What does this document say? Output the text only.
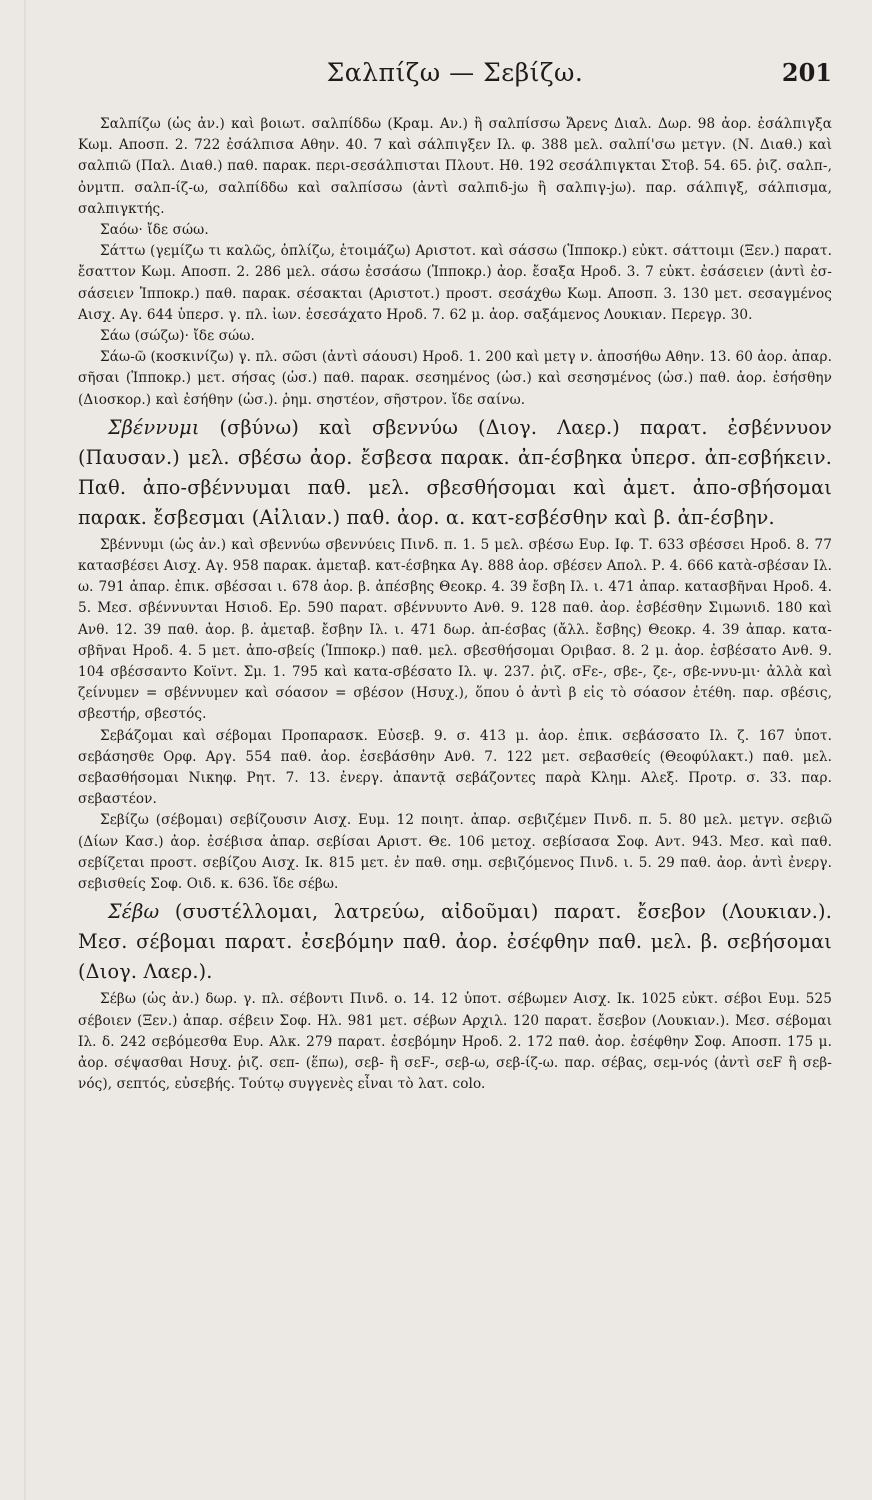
Σαλπίζω — Σεβίζω.	201

Σαλπίζω (ὡς ἀν.) καὶ βοιωτ. σαλπίδδω (Κραμ. Αν.) ἢ σαλπίσσω Ἄρενς Διαλ. Δωρ. 98 ἀορ. ἐσάλπιγξα Κωμ. Αποσπ. 2. 722 ἐσάλπισα Αθην. 40. 7 καὶ σάλπιγξεν Ιλ. φ. 388 μελ. σαλπί'σω μετγν. (Ν. Διαθ.) καὶ σαλπιῶ (Παλ. Διαθ.) παθ. παρακ. περι-σεσάλπισται Πλουτ. Ηθ. 192 σεσάλπιγκται Στοβ. 54. 65. ῥιζ. σαλπ-, ὀνμτπ. σαλπ-ίζ-ω, σαλπίδδω καὶ σαλπίσσω (ἀντὶ σαλπιδ-jω ἢ σαλπιγ-jω). παρ. σάλπιγξ, σάλπισμα, σαλπιγκτής.

Σαόω· ἴδε σώω.

Σάττω (γεμίζω τι καλῶς, ὁπλίζω, ἑτοιμάζω) Αριστοτ. καὶ σάσσω (Ἱπποκρ.) εὐκτ. σάττοιμι (Ξεν.) παρατ. ἔσαττον Κωμ. Αποσπ. 2. 286 μελ. σάσω ἐσσάσω (Ἱπποκρ.) ἀορ. ἔσαξα Ηροδ. 3. 7 εὐκτ. ἐσάσειεν (ἀντὶ ἐσ-σάσειεν Ἱπποκρ.) παθ. παρακ. σέσακται (Αριστοτ.) προστ. σεσάχθω Κωμ. Αποσπ. 3. 130 μετ. σεσαγμένος Αισχ. Αγ. 644 ὑπερσ. γ. πλ. ἰων. ἐσεσάχατο Ηροδ. 7. 62 μ. ἀορ. σαξάμενος Λουκιαν. Περεγρ. 30.

Σάω (σώζω)· ἴδε σώω.

Σάω-ῶ (κοσκινίζω) γ. πλ. σῶσι (ἀντὶ σάουσι) Ηροδ. 1. 200 καὶ μετγ ν. ἀποσήθω Αθην. 13. 60 ἀορ. ἀπαρ. σῆσαι (Ἱπποκρ.) μετ. σήσας (ὡσ.) παθ. παρακ. σεσημένος (ὡσ.) καὶ σεσησμένος (ὡσ.) παθ. ἀορ. ἐσήσθην (Διοσκορ.) καὶ ἐσήθην (ὡσ.). ῥημ. σηστέον, σῆστρον. ἴδε σαίνω.

Σβέννυμι (σβύνω) καὶ σβεννύω (Διογ. Λαερ.) παρατ. ἐσβέννυον (Παυσαν.) μελ. σβέσω ἀορ. ἔσβεσα παρακ. ἀπ-έσβηκα ὑπερσ. ἀπ-εσβήκειν. Παθ. ἀπο-σβέννυμαι παθ. μελ. σβεσθήσομαι καὶ ἀμετ. ἀπο-σβήσομαι παρακ. ἔσβεσμαι (Αἰλιαν.) παθ. ἀορ. α. κατ-εσβέσθην καὶ β. ἀπ-έσβην.

Σβέννυμι (ὡς ἀν.) καὶ σβεννύω σβεννύεις Πινδ. π. 1. 5 μελ. σβέσω Ευρ. Ιφ. Τ. 633 σβέσσει Ηροδ. 8. 77 κατασβέσει Αισχ. Αγ. 958 παρακ. ἀμεταβ. κατ-έσβηκα Αγ. 888 ἀορ. σβέσεν Απολ. Ρ. 4. 666 κατὰ-σβέσαν Ιλ. ω. 791 ἀπαρ. ἐπικ. σβέσσαι ι. 678 ἀορ. β. ἀπέσβης Θεοκρ. 4. 39 ἔσβη Ιλ. ι. 471 ἀπαρ. κατασβῆναι Ηροδ. 4. 5. Μεσ. σβέννυνται Ησιοδ. Ερ. 590 παρατ. σβέννυντο Ανθ. 9. 128 παθ. ἀορ. ἐσβέσθην Σιμωνιδ. 180 καὶ Ανθ. 12. 39 παθ. ἀορ. β. ἀμεταβ. ἔσβην Ιλ. ι. 471 δωρ. ἀπ-έσβας (ἄλλ. ἔσβης) Θεοκρ. 4. 39 ἀπαρ. κατα-σβῆναι Ηροδ. 4. 5 μετ. ἀπο-σβείς (Ἱπποκρ.) παθ. μελ. σβεσθήσομαι Οριβασ. 8. 2 μ. ἀορ. ἐσβέσατο Ανθ. 9. 104 σβέσσαντο Κοϊντ. Σμ. 1. 795 καὶ κατα-σβέσατο Ιλ. ψ. 237. ῥιζ. σFε-, σβε-, ζε-, σβε-ννυ-μι· ἀλλὰ καὶ ζείνυμεν = σβέννυμεν καὶ σόασον = σβέσον (Ησυχ.), ὅπου ὁ ἀντὶ β εἰς τὸ σόασον ἐτέθη. παρ. σβέσις, σβεστήρ, σβεστός.

Σεβάζομαι καὶ σέβομαι Προπαρασκ. Εὐσεβ. 9. σ. 413 μ. ἀορ. ἐπικ. σεβάσσατο Ιλ. ζ. 167 ὑποτ. σεβάσησθε Ορφ. Αργ. 554 παθ. ἀορ. ἐσεβάσθην Ανθ. 7. 122 μετ. σεβασθείς (Θεοφύλακτ.) παθ. μελ. σεβασθήσομαι Νικηφ. Ρητ. 7. 13. ἐνεργ. ἀπαντᾷ σεβάζοντες παρὰ Κλημ. Αλεξ. Προτρ. σ. 33. παρ. σεβαστέον.

Σεβίζω (σέβομαι) σεβίζουσιν Αισχ. Ευμ. 12 ποιητ. ἀπαρ. σεβιζέμεν Πινδ. π. 5. 80 μελ. μετγν. σεβιῶ (Δίων Κασ.) ἀορ. ἐσέβισα ἀπαρ. σεβίσαι Αριστ. Θε. 106 μετοχ. σεβίσασα Σοφ. Αντ. 943. Μεσ. καὶ παθ. σεβίζεται προστ. σεβίζου Αισχ. Ικ. 815 μετ. ἐν παθ. σημ. σεβιζόμενος Πινδ. ι. 5. 29 παθ. ἀορ. ἀντὶ ἐνεργ. σεβισθείς Σοφ. Οιδ. κ. 636. ἴδε σέβω.

Σέβω (συστέλλομαι, λατρεύω, αἰδοῦμαι) παρατ. ἔσεβον (Λουκιαν.). Μεσ. σέβομαι παρατ. ἐσεβόμην παθ. ἀορ. ἐσέφθην παθ. μελ. β. σεβήσομαι (Διογ. Λαερ.).

Σέβω (ὡς ἀν.) δωρ. γ. πλ. σέβοντι Πινδ. ο. 14. 12 ὑποτ. σέβωμεν Αισχ. Ικ. 1025 εὐκτ. σέβοι Ευμ. 525 σέβοιεν (Ξεν.) ἀπαρ. σέβειν Σοφ. Ηλ. 981 μετ. σέβων Αρχιλ. 120 παρατ. ἔσεβον (Λουκιαν.). Μεσ. σέβομαι Ιλ. δ. 242 σεβόμεσθα Ευρ. Αλκ. 279 παρατ. ἐσεβόμην Ηροδ. 2. 172 παθ. ἀορ. ἐσέφθην Σοφ. Αποσπ. 175 μ. ἀορ. σέψασθαι Ησυχ. ῥιζ. σεπ- (ἕπω), σεβ- ἢ σεF-, σεβ-ω, σεβ-ίζ-ω. παρ. σέβας, σεμ-νός (ἀντὶ σεF ἢ σεβ-νός), σεπτός, εὐσεβής. Τούτῳ συγγενὲς εἶναι τὸ λατ. colo.
